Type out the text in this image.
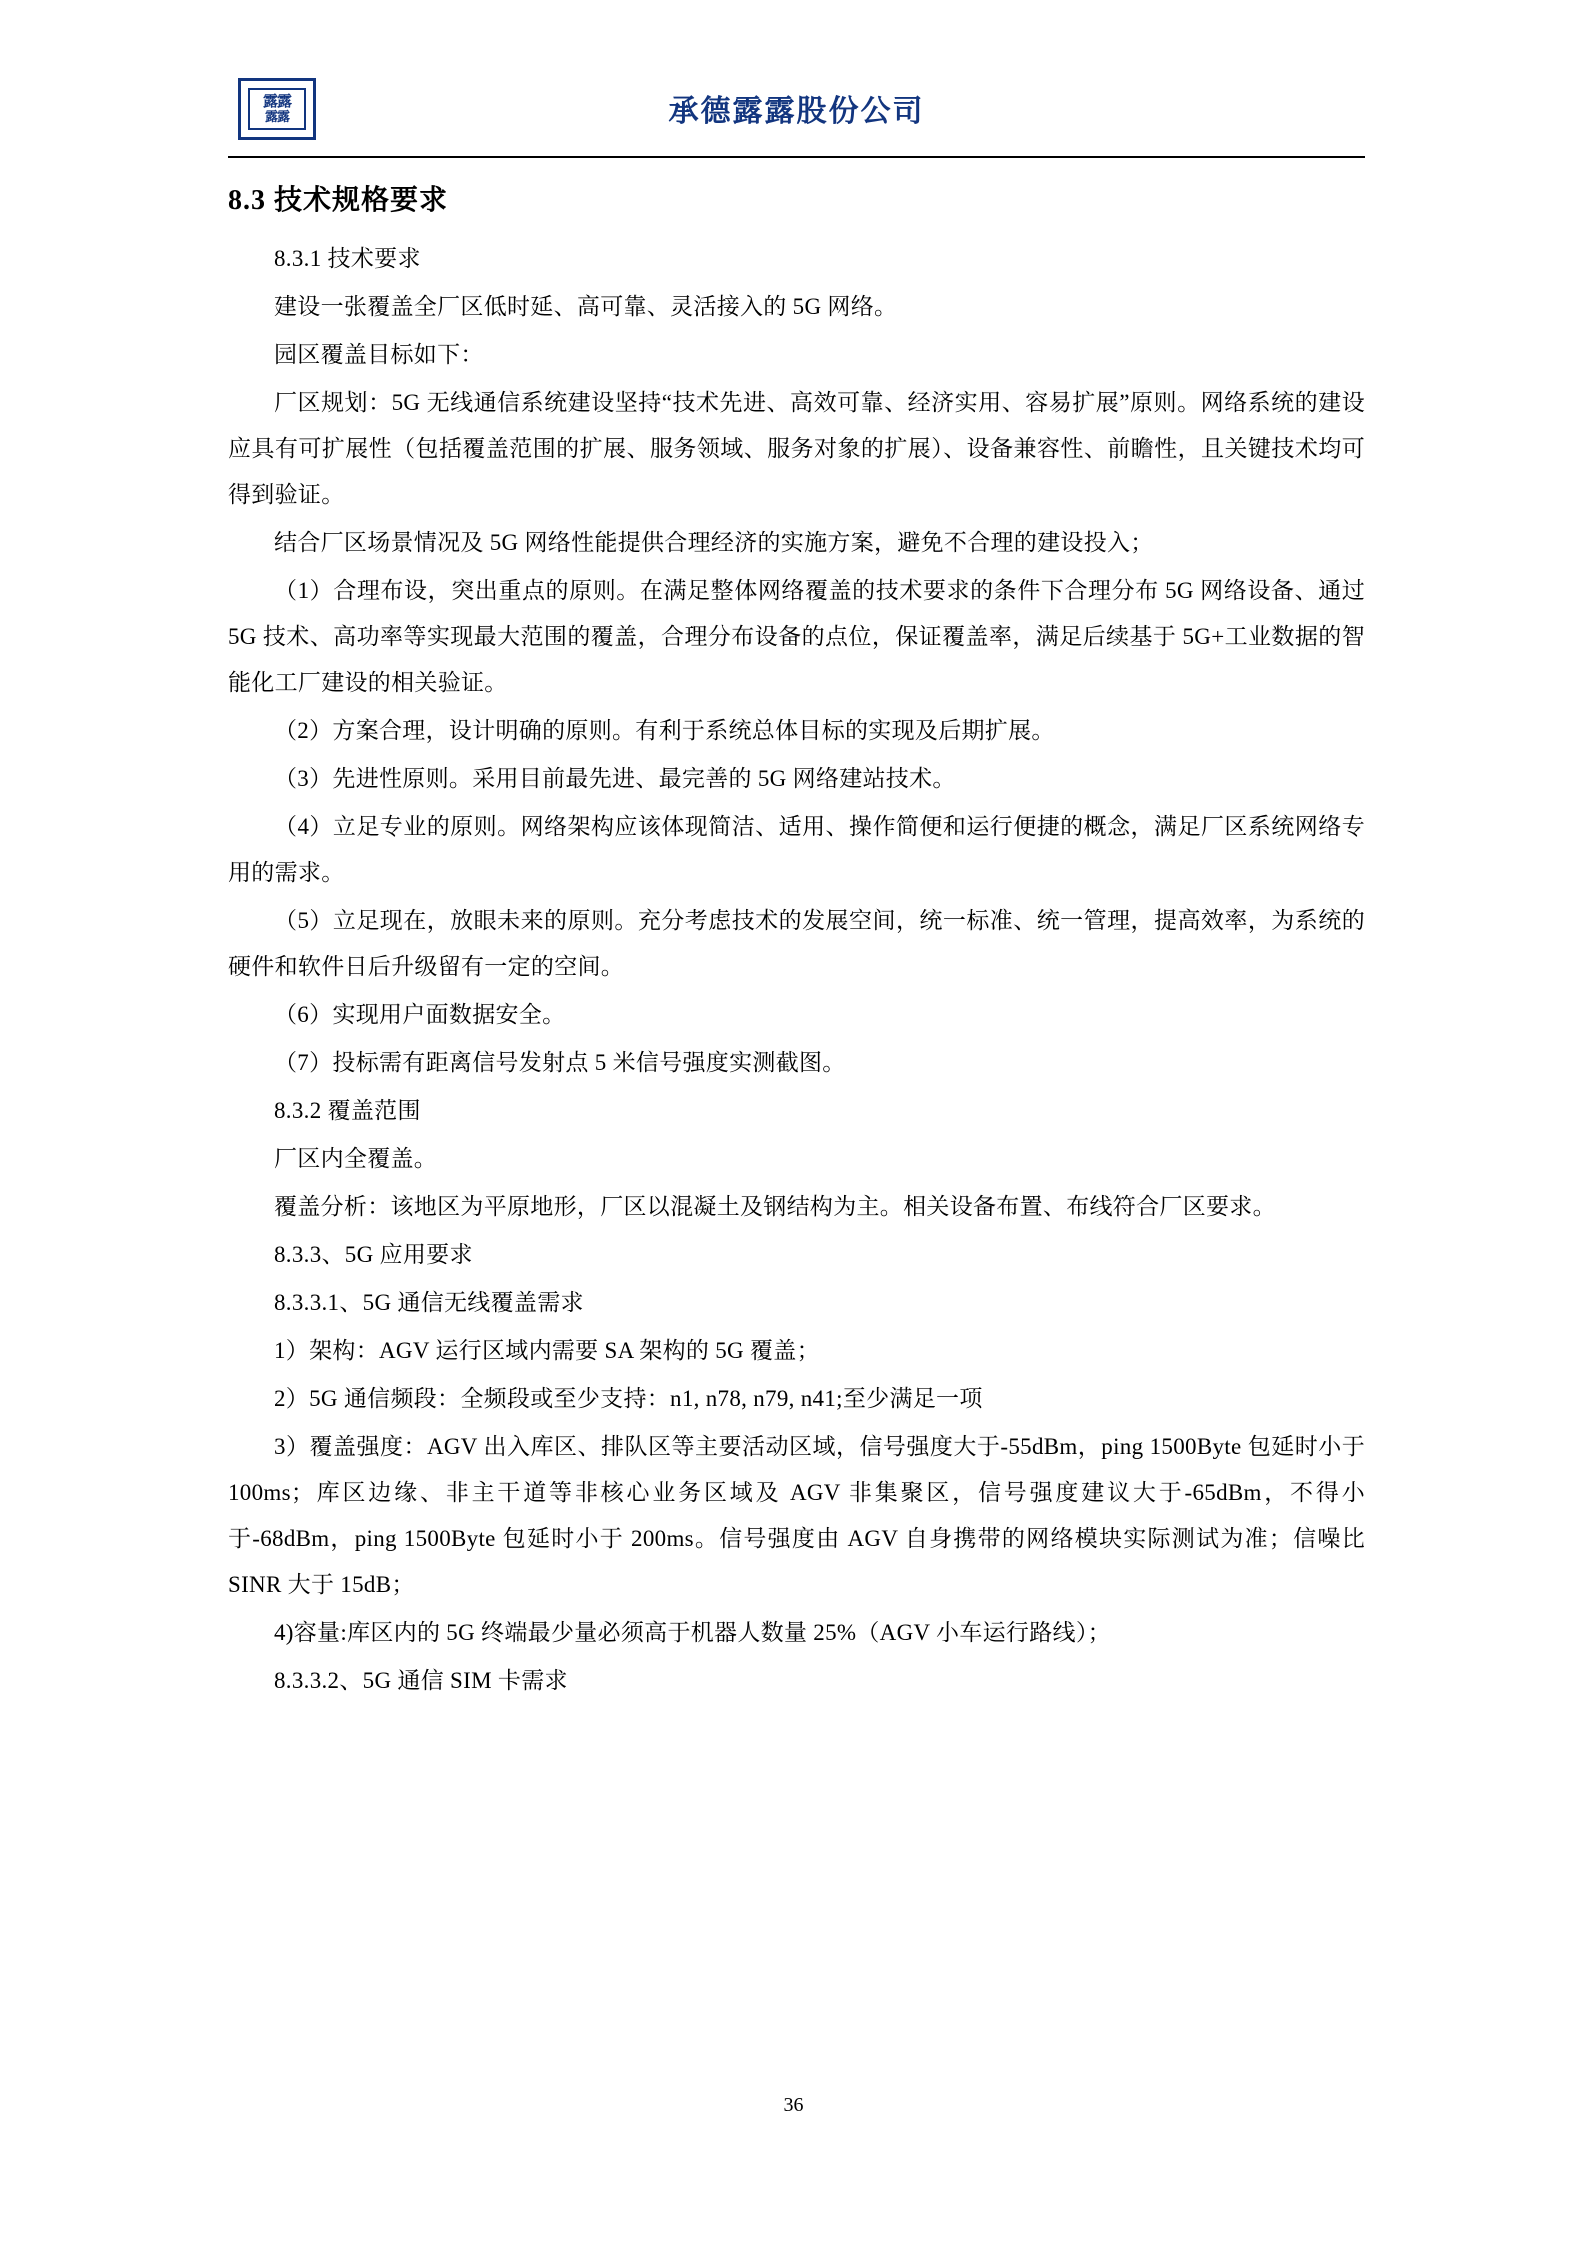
露露
露露	承德露露股份公司
8.3 技术规格要求

8.3.1 技术要求

建设一张覆盖全厂区低时延、高可靠、灵活接入的 5G 网络。

园区覆盖目标如下：

厂区规划：5G 无线通信系统建设坚持“技术先进、高效可靠、经济实用、容易扩展”原则。网络系统的建设应具有可扩展性（包括覆盖范围的扩展、服务领域、服务对象的扩展）、设备兼容性、前瞻性，且关键技术均可得到验证。

结合厂区场景情况及 5G 网络性能提供合理经济的实施方案，避免不合理的建设投入；

（1）合理布设，突出重点的原则。在满足整体网络覆盖的技术要求的条件下合理分布 5G 网络设备、通过 5G 技术、高功率等实现最大范围的覆盖，合理分布设备的点位，保证覆盖率，满足后续基于 5G+工业数据的智能化工厂建设的相关验证。

（2）方案合理，设计明确的原则。有利于系统总体目标的实现及后期扩展。

（3）先进性原则。采用目前最先进、最完善的 5G 网络建站技术。

（4）立足专业的原则。网络架构应该体现简洁、适用、操作简便和运行便捷的概念，满足厂区系统网络专用的需求。

（5）立足现在，放眼未来的原则。充分考虑技术的发展空间，统一标准、统一管理，提高效率，为系统的硬件和软件日后升级留有一定的空间。

（6）实现用户面数据安全。

（7）投标需有距离信号发射点 5 米信号强度实测截图。

8.3.2 覆盖范围

厂区内全覆盖。

覆盖分析：该地区为平原地形，厂区以混凝土及钢结构为主。相关设备布置、布线符合厂区要求。

8.3.3、5G 应用要求

8.3.3.1、5G 通信无线覆盖需求

1）架构：AGV 运行区域内需要 SA 架构的 5G 覆盖；

2）5G 通信频段：全频段或至少支持：n1, n78, n79, n41;至少满足一项

3）覆盖强度：AGV 出入库区、排队区等主要活动区域，信号强度大于-55dBm，ping 1500Byte 包延时小于 100ms；库区边缘、非主干道等非核心业务区域及 AGV 非集聚区，信号强度建议大于-65dBm，不得小于-68dBm，ping 1500Byte 包延时小于 200ms。信号强度由 AGV 自身携带的网络模块实际测试为准；信噪比 SINR 大于 15dB；

4)容量:库区内的 5G 终端最少量必须高于机器人数量 25%（AGV 小车运行路线）；

8.3.3.2、5G 通信 SIM 卡需求

36
